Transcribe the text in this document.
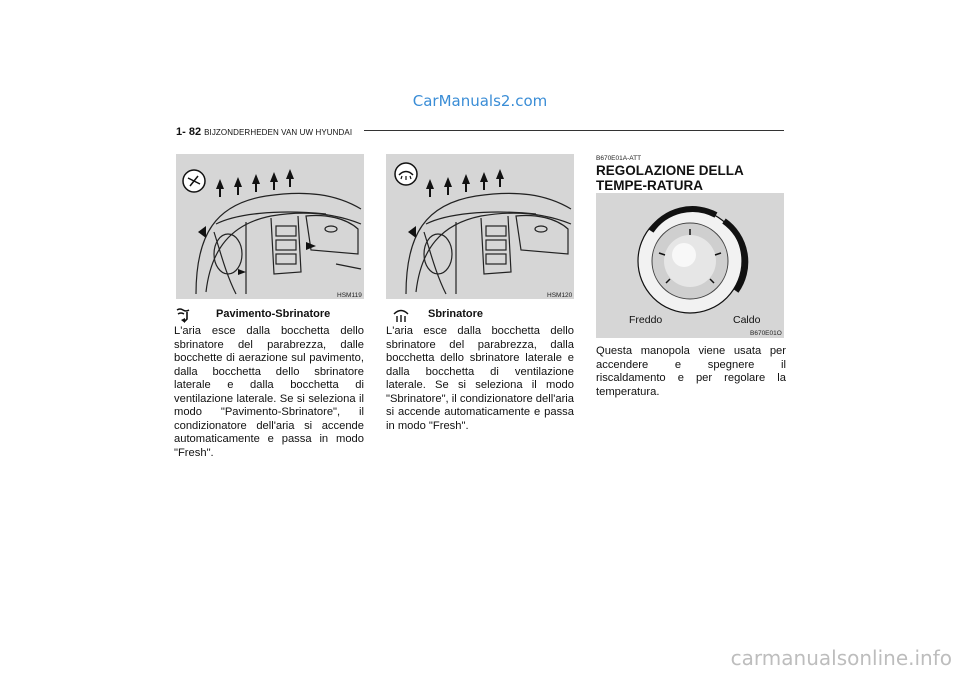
CarManuals2.com
1- 82 BIJZONDERHEDEN VAN UW HYUNDAI
HSM119
Pavimento-Sbrinatore
L'aria esce dalla bocchetta dello sbrinatore del parabrezza, dalle bocchette di aerazione sul pavimento, dalla bocchetta dello sbrinatore laterale e dalla bocchetta di ventilazione laterale. Se si seleziona il modo "Pavimento-Sbrinatore", il condizionatore dell'aria si accende automaticamente e passa in modo "Fresh".
HSM120
Sbrinatore
L'aria esce dalla bocchetta dello sbrinatore del parabrezza, dalla bocchetta dello sbrinatore laterale e dalla bocchetta di ventilazione laterale. Se si seleziona il modo "Sbrinatore", il condizionatore dell'aria si accende automaticamente e passa in modo "Fresh".
B670E01A-ATT
REGOLAZIONE DELLA TEMPE-RATURA
Freddo	Caldo
B670E01O
Questa manopola viene usata per accendere e spegnere il riscaldamento e per regolare la temperatura.
carmanualsonline.info
